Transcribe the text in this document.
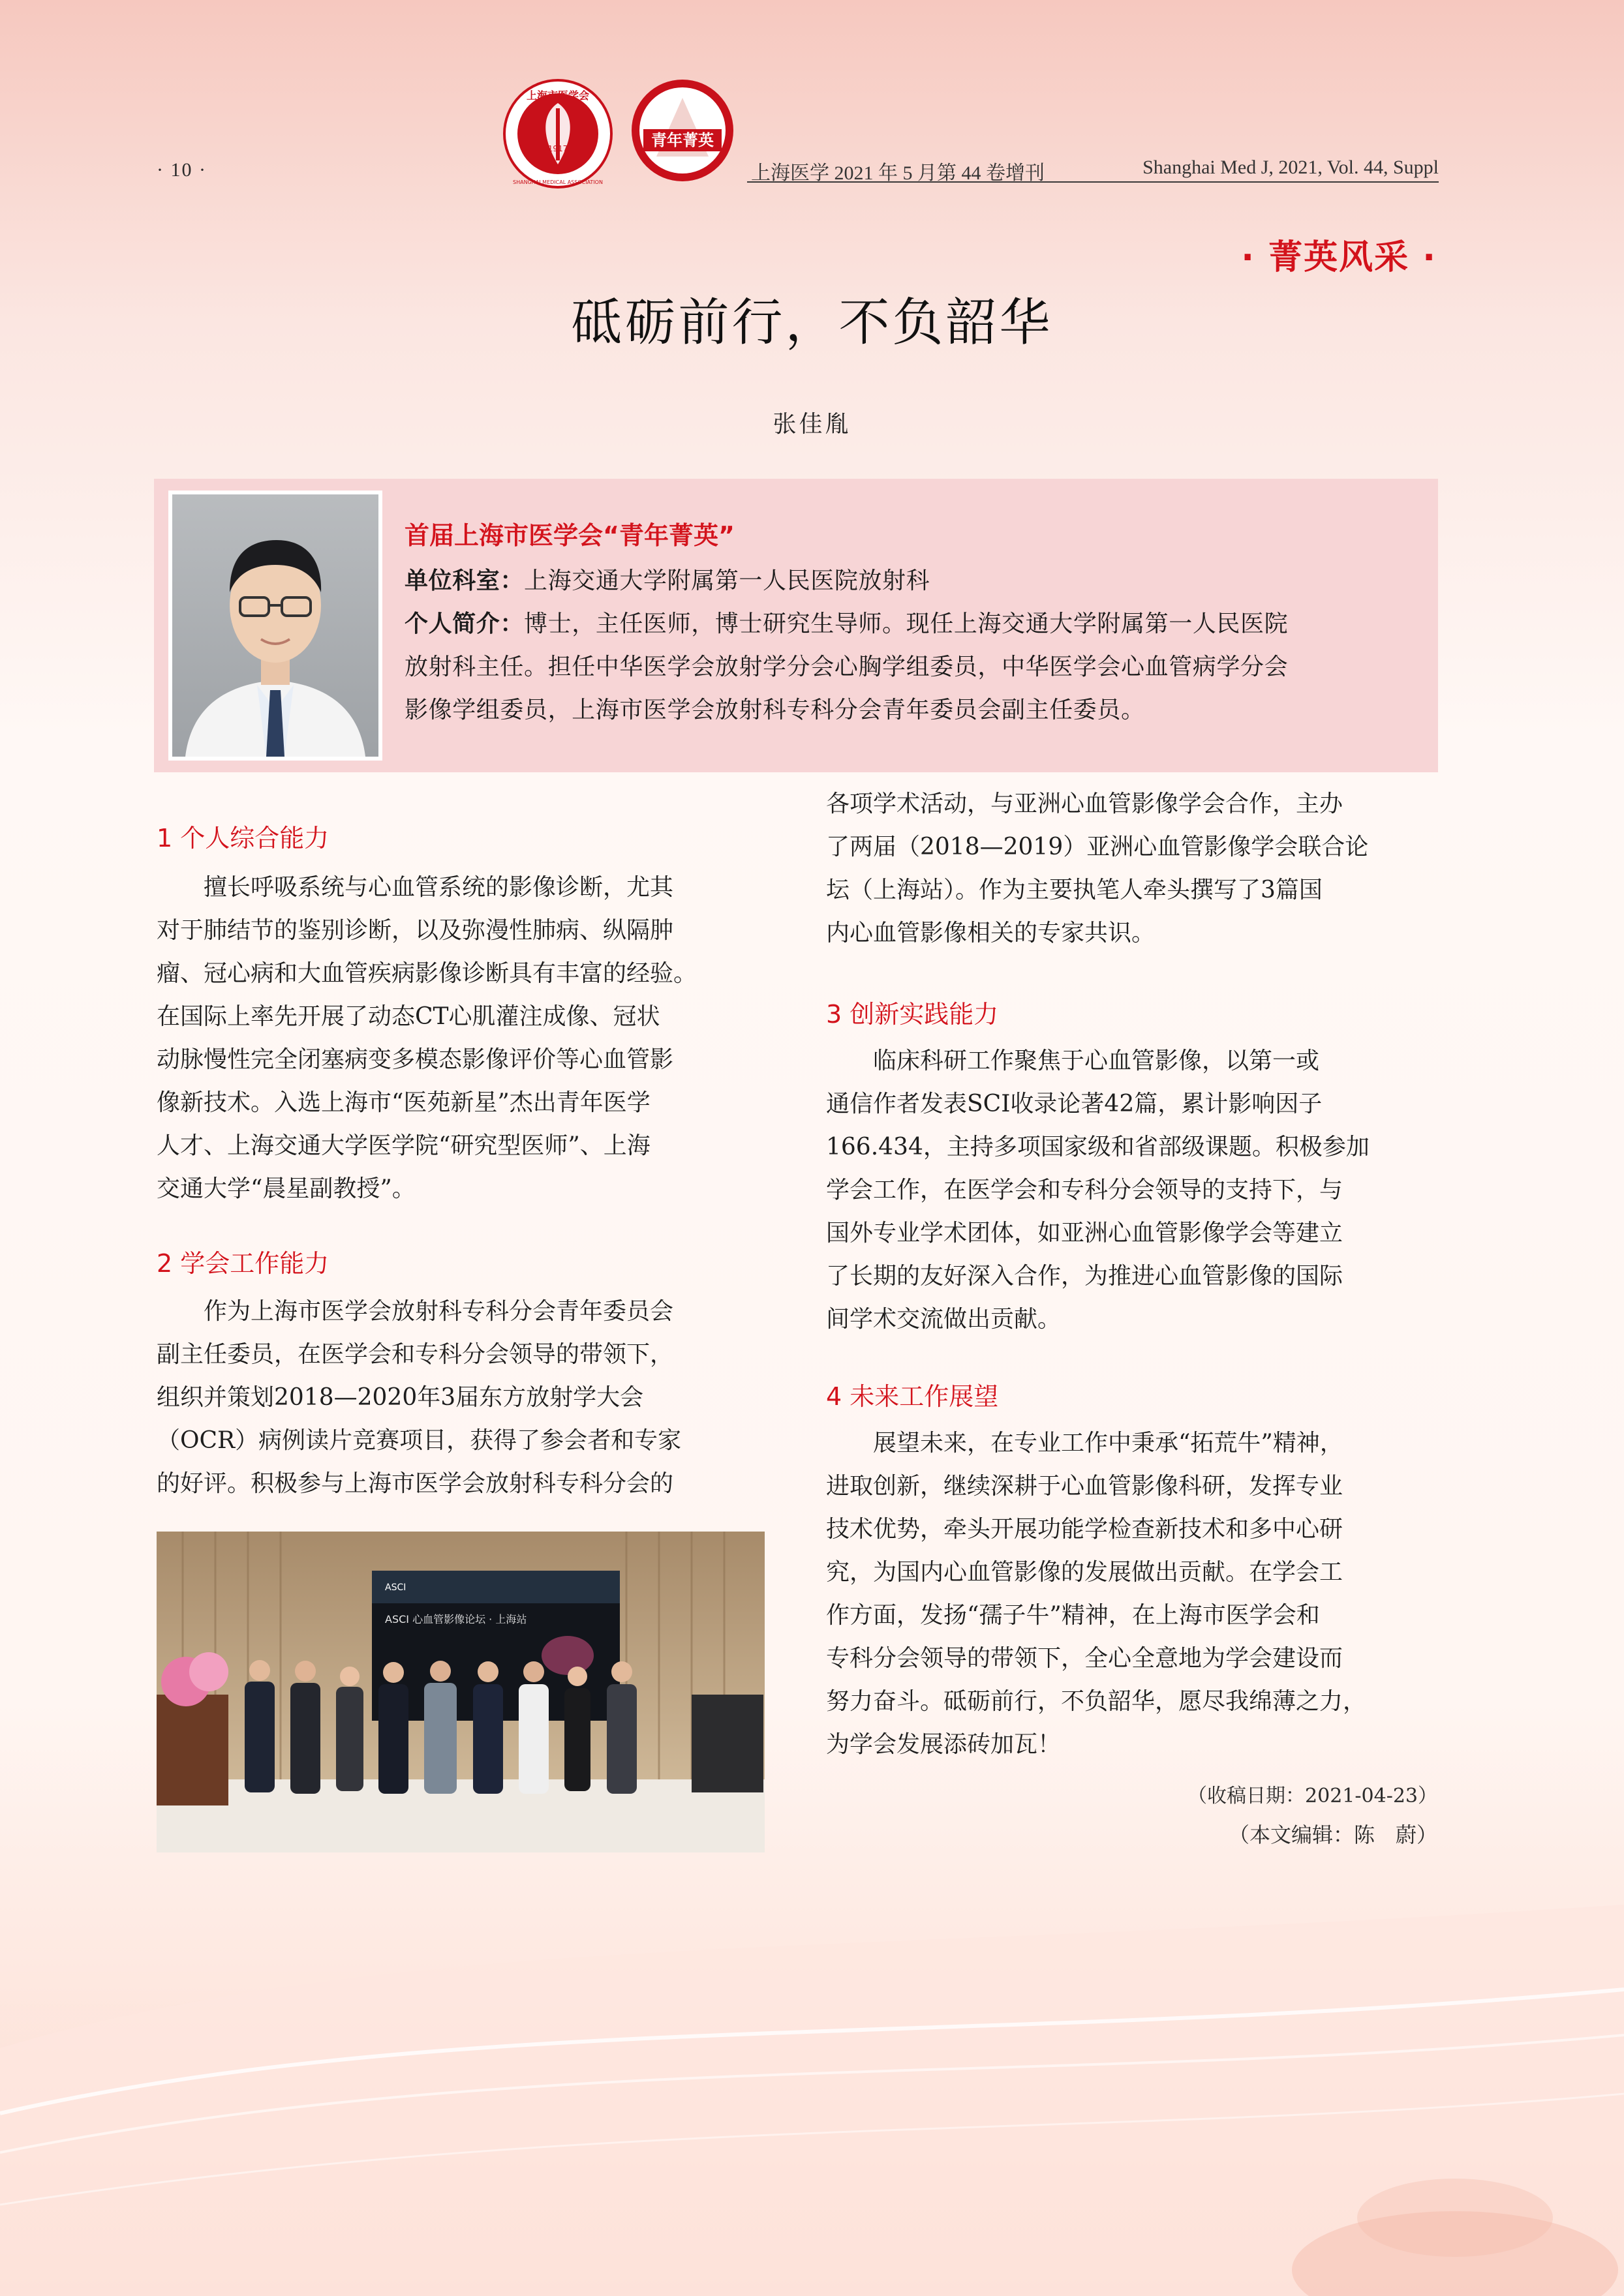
· 10 ·
上海市医学会
SHANGHAI MEDICAL ASSOCIATION
1917	青年菁英
上海医学 2021 年 5 月第 44 卷增刊	Shanghai Med J, 2021, Vol. 44, Suppl
· 菁英风采 ·
砥砺前行，不负韶华
张佳胤
首届上海市医学会“青年菁英”
单位科室：上海交通大学附属第一人民医院放射科
个人简介：博士，主任医师，博士研究生导师。现任上海交通大学附属第一人民医院
放射科主任。担任中华医学会放射学分会心胸学组委员，中华医学会心血管病学分会
影像学组委员，上海市医学会放射科专科分会青年委员会副主任委员。
1 个人综合能力
擅长呼吸系统与心血管系统的影像诊断，尤其
对于肺结节的鉴别诊断，以及弥漫性肺病、纵隔肿
瘤、冠心病和大血管疾病影像诊断具有丰富的经验。
在国际上率先开展了动态CT心肌灌注成像、冠状
动脉慢性完全闭塞病变多模态影像评价等心血管影
像新技术。入选上海市“医苑新星”杰出青年医学
人才、上海交通大学医学院“研究型医师”、上海
交通大学“晨星副教授”。
2 学会工作能力
作为上海市医学会放射科专科分会青年委员会
副主任委员，在医学会和专科分会领导的带领下，
组织并策划2018—2020年3届东方放射学大会
（OCR）病例读片竞赛项目，获得了参会者和专家
的好评。积极参与上海市医学会放射科专科分会的
ASCI
ASCI 心血管影像论坛 · 上海站
各项学术活动，与亚洲心血管影像学会合作，主办
了两届（2018—2019）亚洲心血管影像学会联合论
坛（上海站）。作为主要执笔人牵头撰写了3篇国
内心血管影像相关的专家共识。
3 创新实践能力
临床科研工作聚焦于心血管影像，以第一或
通信作者发表SCI收录论著42篇，累计影响因子
166.434，主持多项国家级和省部级课题。积极参加
学会工作，在医学会和专科分会领导的支持下，与
国外专业学术团体，如亚洲心血管影像学会等建立
了长期的友好深入合作，为推进心血管影像的国际
间学术交流做出贡献。
4 未来工作展望
展望未来，在专业工作中秉承“拓荒牛”精神，
进取创新，继续深耕于心血管影像科研，发挥专业
技术优势，牵头开展功能学检查新技术和多中心研
究，为国内心血管影像的发展做出贡献。在学会工
作方面，发扬“孺子牛”精神，在上海市医学会和
专科分会领导的带领下，全心全意地为学会建设而
努力奋斗。砥砺前行，不负韶华，愿尽我绵薄之力，
为学会发展添砖加瓦！
（收稿日期：2021-04-23）
（本文编辑：陈　蔚）
